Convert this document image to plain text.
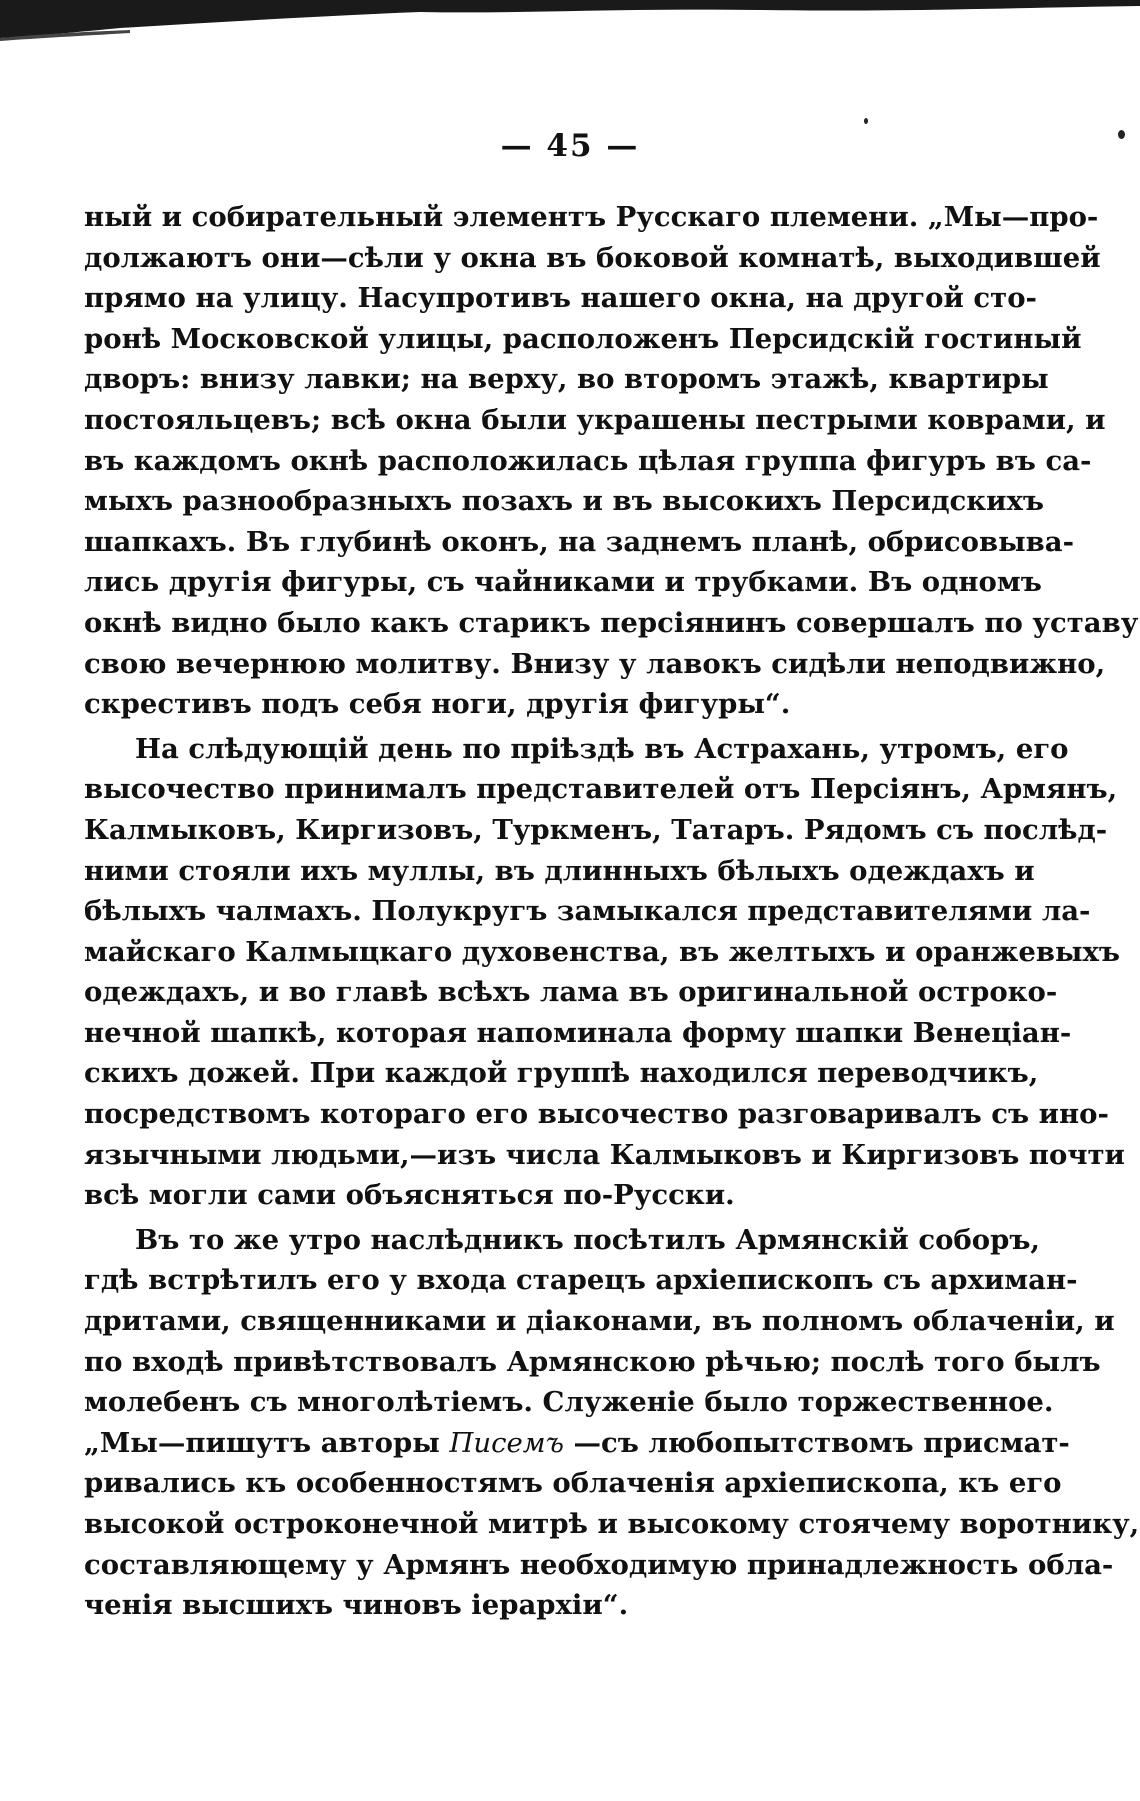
— 45 —
ный и собирательный элементъ Русскаго племени. „Мы—про-
должаютъ они—сѣли у окна въ боковой комнатѣ, выходившей
прямо на улицу. Насупротивъ нашего окна, на другой сто-
ронѣ Московской улицы, расположенъ Персидскій гостиный
дворъ: внизу лавки; на верху, во второмъ этажѣ, квартиры
постояльцевъ; всѣ окна были украшены пестрыми коврами, и
въ каждомъ окнѣ расположилась цѣлая группа фигуръ въ са-
мыхъ разнообразныхъ позахъ и въ высокихъ Персидскихъ
шапкахъ. Въ глубинѣ оконъ, на заднемъ планѣ, обрисовыва-
лись другія фигуры, съ чайниками и трубками. Въ одномъ
окнѣ видно было какъ старикъ персіянинъ совершалъ по уставу
свою вечернюю молитву. Внизу у лавокъ сидѣли неподвижно,
скрестивъ подъ себя ноги, другія фигуры“.
На слѣдующій день по пріѣздѣ въ Астрахань, утромъ, его
высочество принималъ представителей отъ Персіянъ, Армянъ,
Калмыковъ, Киргизовъ, Туркменъ, Татаръ. Рядомъ съ послѣд-
ними стояли ихъ муллы, въ длинныхъ бѣлыхъ одеждахъ и
бѣлыхъ чалмахъ. Полукругъ замыкался представителями ла-
майскаго Калмыцкаго духовенства, въ желтыхъ и оранжевыхъ
одеждахъ, и во главѣ всѣхъ лама въ оригинальной остроко-
нечной шапкѣ, которая напоминала форму шапки Венеціан-
скихъ дожей. При каждой группѣ находился переводчикъ,
посредствомъ котораго его высочество разговаривалъ съ ино-
язычными людьми,—изъ числа Калмыковъ и Киргизовъ почти
всѣ могли сами объясняться по-Русски.
Въ то же утро наслѣдникъ посѣтилъ Армянскій соборъ,
гдѣ встрѣтилъ его у входа старецъ архіепископъ съ архиман-
дритами, священниками и діаконами, въ полномъ облаченіи, и
по входѣ привѣтствовалъ Армянскою рѣчью; послѣ того былъ
молебенъ съ многолѣтіемъ. Служеніе было торжественное.
„Мы—пишутъ авторы Писемъ —съ любопытствомъ присмат-
ривались къ особенностямъ облаченія архіепископа, къ его
высокой остроконечной митрѣ и высокому стоячему воротнику,
составляющему у Армянъ необходимую принадлежность обла-
ченія высшихъ чиновъ іерархіи“.
